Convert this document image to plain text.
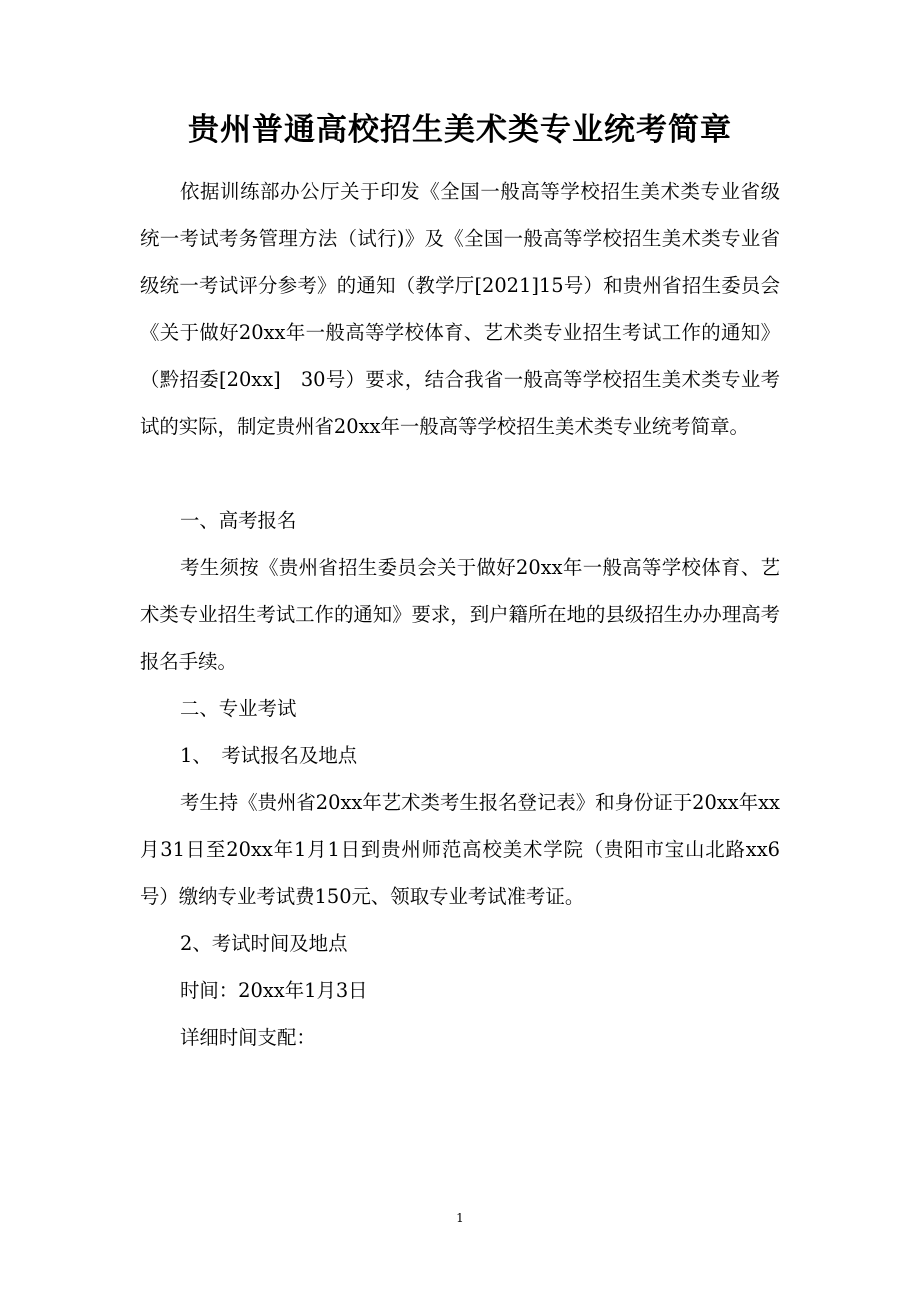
贵州普通高校招生美术类专业统考简章

依据训练部办公厅关于印发《全国一般高等学校招生美术类专业省级统一考试考务管理方法（试行)》及《全国一般高等学校招生美术类专业省级统一考试评分参考》的通知（教学厅[2021]15号）和贵州省招生委员会《关于做好20xx年一般高等学校体育、艺术类专业招生考试工作的通知》（黔招委[20xx]　30号）要求，结合我省一般高等学校招生美术类专业考试的实际，制定贵州省20xx年一般高等学校招生美术类专业统考简章。

一、高考报名

考生须按《贵州省招生委员会关于做好20xx年一般高等学校体育、艺术类专业招生考试工作的通知》要求，到户籍所在地的县级招生办办理高考报名手续。

二、专业考试

1、　考试报名及地点

考生持《贵州省20xx年艺术类考生报名登记表》和身份证于20xx年xx月31日至20xx年1月1日到贵州师范高校美术学院（贵阳市宝山北路xx6号）缴纳专业考试费150元、领取专业考试准考证。

2、考试时间及地点

时间：20xx年1月3日

详细时间支配：

1
